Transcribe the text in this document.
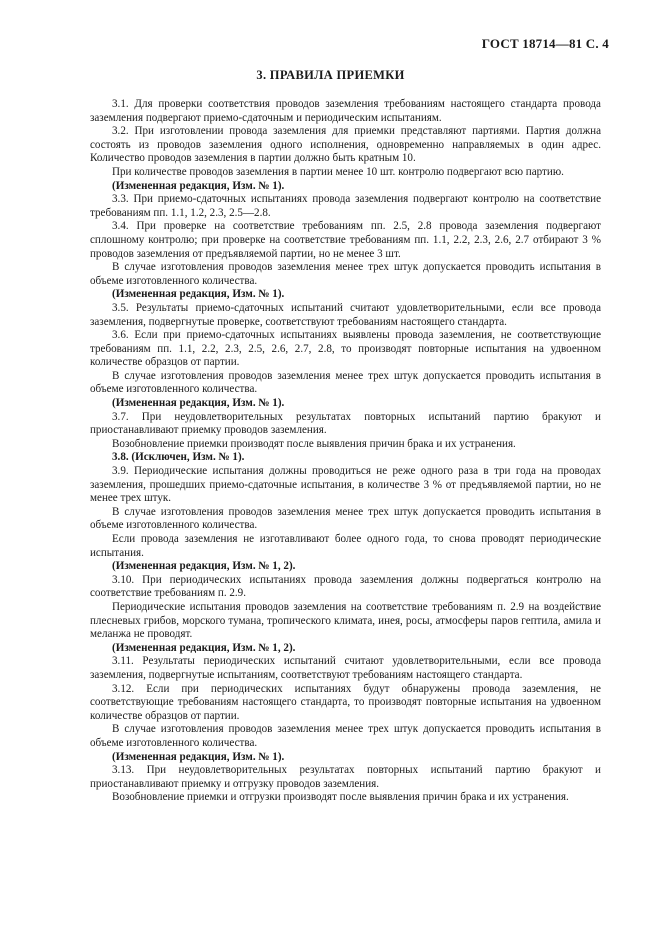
ГОСТ 18714—81 С. 4
3. ПРАВИЛА ПРИЕМКИ

3.1. Для проверки соответствия проводов заземления требованиям настоящего стандарта провода заземления подвергают приемо-сдаточным и периодическим испытаниям.

3.2. При изготовлении провода заземления для приемки представляют партиями. Партия должна состоять из проводов заземления одного исполнения, одновременно направляемых в один адрес. Количество проводов заземления в партии должно быть кратным 10.

При количестве проводов заземления в партии менее 10 шт. контролю подвергают всю партию.

(Измененная редакция, Изм. № 1).

3.3. При приемо-сдаточных испытаниях провода заземления подвергают контролю на соответствие требованиям пп. 1.1, 1.2, 2.3, 2.5—2.8.

3.4. При проверке на соответствие требованиям пп. 2.5, 2.8 провода заземления подвергают сплошному контролю; при проверке на соответствие требованиям пп. 1.1, 2.2, 2.3, 2.6, 2.7 отбирают 3 % проводов заземления от предъявляемой партии, но не менее 3 шт.

В случае изготовления проводов заземления менее трех штук допускается проводить испытания в объеме изготовленного количества.

(Измененная редакция, Изм. № 1).

3.5. Результаты приемо-сдаточных испытаний считают удовлетворительными, если все провода заземления, подвергнутые проверке, соответствуют требованиям настоящего стандарта.

3.6. Если при приемо-сдаточных испытаниях выявлены провода заземления, не соответствующие требованиям пп. 1.1, 2.2, 2.3, 2.5, 2.6, 2.7, 2.8, то производят повторные испытания на удвоенном количестве образцов от партии.

В случае изготовления проводов заземления менее трех штук допускается проводить испытания в объеме изготовленного количества.

(Измененная редакция, Изм. № 1).

3.7. При неудовлетворительных результатах повторных испытаний партию бракуют и приостанавливают приемку проводов заземления.

Возобновление приемки производят после выявления причин брака и их устранения.

3.8. (Исключен, Изм. № 1).

3.9. Периодические испытания должны проводиться не реже одного раза в три года на проводах заземления, прошедших приемо-сдаточные испытания, в количестве 3 % от предъявляемой партии, но не менее трех штук.

В случае изготовления проводов заземления менее трех штук допускается проводить испытания в объеме изготовленного количества.

Если провода заземления не изготавливают более одного года, то снова проводят периодические испытания.

(Измененная редакция, Изм. № 1, 2).

3.10. При периодических испытаниях провода заземления должны подвергаться контролю на соответствие требованиям п. 2.9.

Периодические испытания проводов заземления на соответствие требованиям п. 2.9 на воздействие плесневых грибов, морского тумана, тропического климата, инея, росы, атмосферы паров гептила, амила и меланжа не проводят.

(Измененная редакция, Изм. № 1, 2).

3.11. Результаты периодических испытаний считают удовлетворительными, если все провода заземления, подвергнутые испытаниям, соответствуют требованиям настоящего стандарта.

3.12. Если при периодических испытаниях будут обнаружены провода заземления, не соответствующие требованиям настоящего стандарта, то производят повторные испытания на удвоенном количестве образцов от партии.

В случае изготовления проводов заземления менее трех штук допускается проводить испытания в объеме изготовленного количества.

(Измененная редакция, Изм. № 1).

3.13. При неудовлетворительных результатах повторных испытаний партию бракуют и приостанавливают приемку и отгрузку проводов заземления.

Возобновление приемки и отгрузки производят после выявления причин брака и их устранения.
